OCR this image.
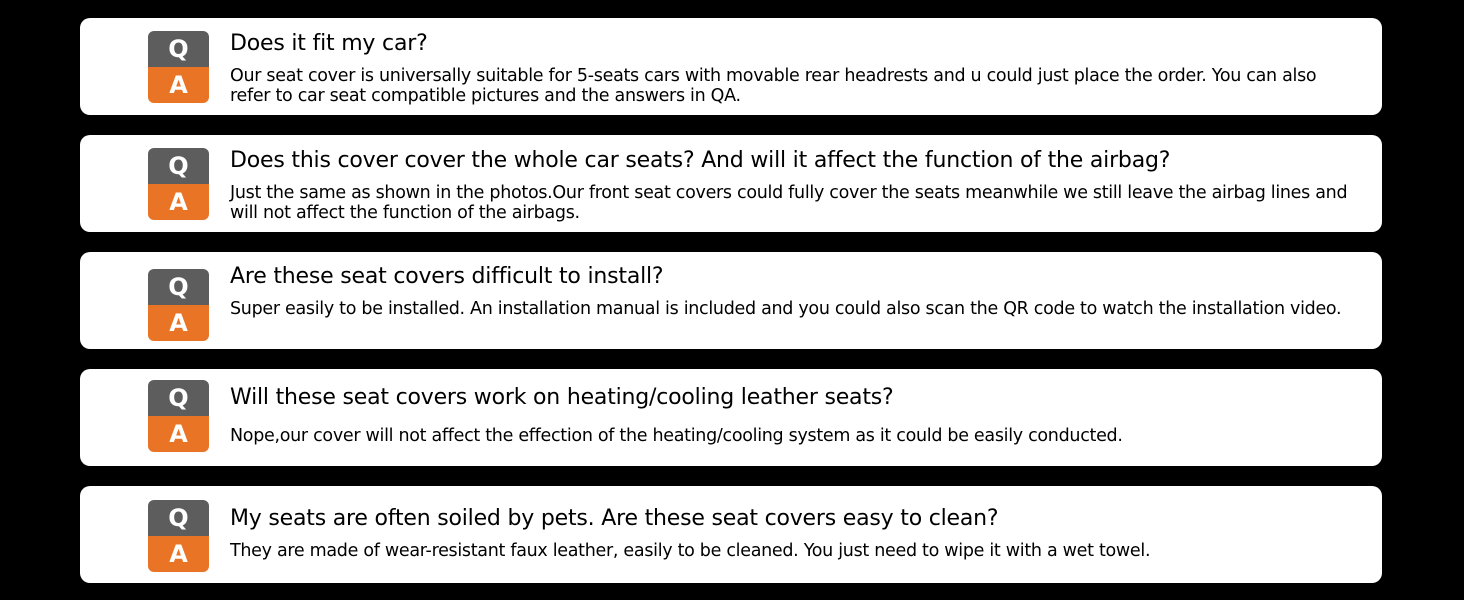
Q
A
Does it fit my car?
Our seat cover is universally suitable for 5-seats cars with movable rear headrests and u could just place the order. You can also refer to car seat compatible pictures and the answers in QA.
Q
A
Does this cover cover the whole car seats? And will it affect the function of the airbag?
Just the same as shown in the photos.Our front seat covers could fully cover the seats meanwhile we still leave the airbag lines and will not affect the function of the airbags.
Q
A
Are these seat covers difficult to install?
Super easily to be installed. An installation manual is included and you could also scan the QR code to watch the installation video.
Q
A
Will these seat covers work on heating/cooling leather seats?
Nope,our cover will not affect the effection of the heating/cooling system as it could be easily conducted.
Q
A
My seats are often soiled by pets. Are these seat covers easy to clean?
They are made of wear-resistant faux leather, easily to be cleaned. You just need to wipe it with a wet towel.
